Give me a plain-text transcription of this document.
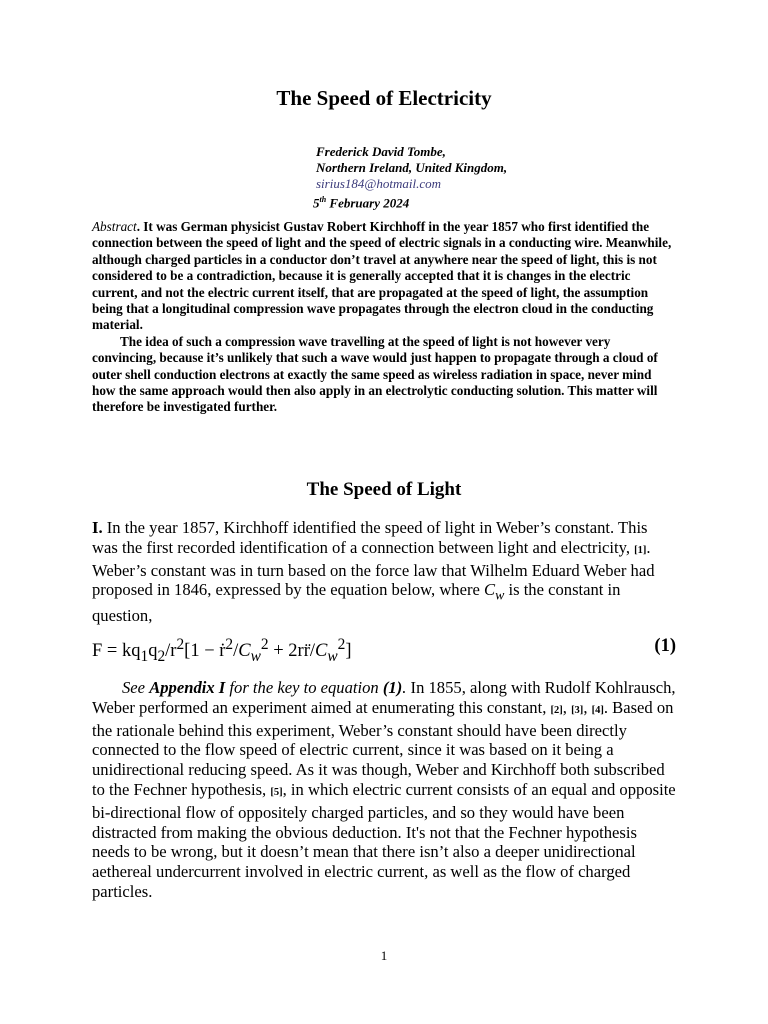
The Speed of Electricity
Frederick David Tombe,
Northern Ireland, United Kingdom,
sirius184@hotmail.com
5th February 2024

Abstract. It was German physicist Gustav Robert Kirchhoff in the year 1857 who first identified the connection between the speed of light and the speed of electric signals in a conducting wire. Meanwhile, although charged particles in a conductor don’t travel at anywhere near the speed of light, this is not considered to be a contradiction, because it is generally accepted that it is changes in the electric current, and not the electric current itself, that are propagated at the speed of light, the assumption being that a longitudinal compression wave propagates through the electron cloud in the conducting material.

The idea of such a compression wave travelling at the speed of light is not however very convincing, because it’s unlikely that such a wave would just happen to propagate through a cloud of outer shell conduction electrons at exactly the same speed as wireless radiation in space, never mind how the same approach would then also apply in an electrolytic conducting solution. This matter will therefore be investigated further.

The Speed of Light

I. In the year 1857, Kirchhoff identified the speed of light in Weber’s constant. This was the first recorded identification of a connection between light and electricity, [1]. Weber’s constant was in turn based on the force law that Wilhelm Eduard Weber had proposed in 1846, expressed by the equation below, where $C_w$ is the constant in question,

$F = kq_1q_2/r^2[1$ − $ṙ^2/C_w^2$ + $2rr̈/C_w^2$]	(1)

See Appendix I for the key to equation (1). In 1855, along with Rudolf Kohlrausch, Weber performed an experiment aimed at enumerating this constant, [2], [3], [4]. Based on the rationale behind this experiment, Weber’s constant should have been directly connected to the flow speed of electric current, since it was based on it being a unidirectional reducing speed. As it was though, Weber and Kirchhoff both subscribed to the Fechner hypothesis, [5], in which electric current consists of an equal and opposite bi-directional flow of oppositely charged particles, and so they would have been distracted from making the obvious deduction. It's not that the Fechner hypothesis needs to be wrong, but it doesn’t mean that there isn’t also a deeper unidirectional aethereal undercurrent involved in electric current, as well as the flow of charged particles.

1
